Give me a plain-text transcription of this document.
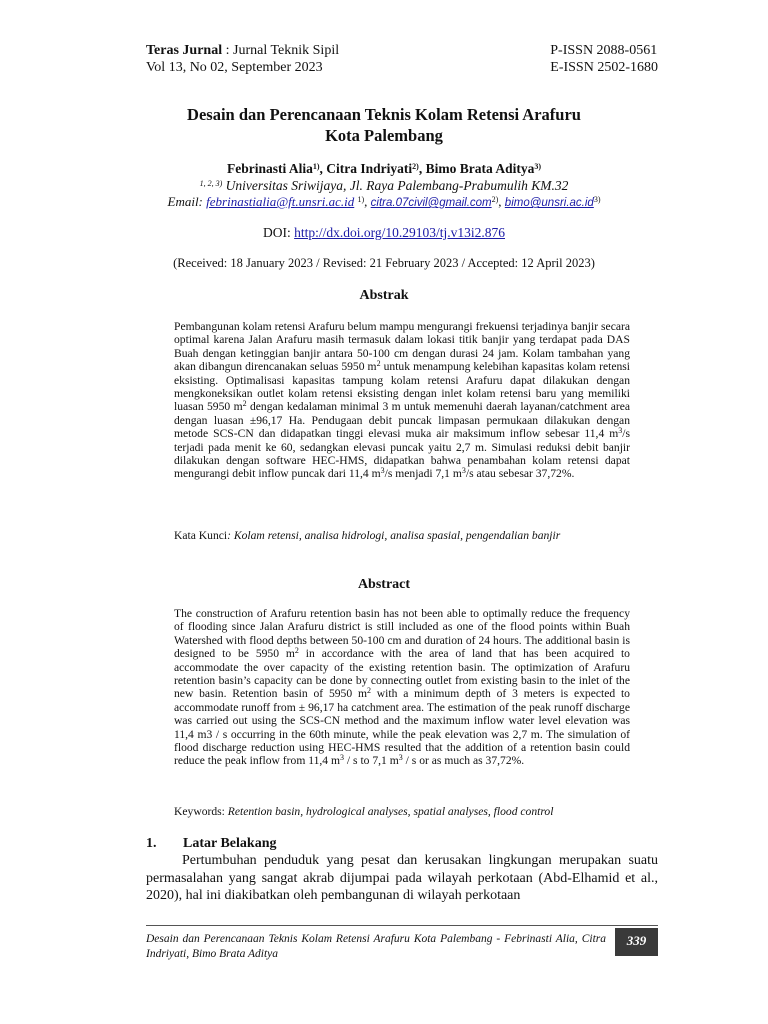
Teras Jurnal : Jurnal Teknik Sipil
Vol 13, No 02, September 2023
P-ISSN 2088-0561
E-ISSN 2502-1680
Desain dan Perencanaan Teknis Kolam Retensi Arafuru
Kota Palembang
Febrinasti Alia$^{1)}$, Citra Indriyati$^{2)}$, Bimo Brata Aditya$^{3)}$
$^{1, 2, 3)}$ Universitas Sriwijaya, Jl. Raya Palembang-Prabumulih KM.32
Email: febrinastialia@ft.unsri.ac.id $^{1)}$, citra.07civil@gmail.com$^{2)}$, $bimo@unsri.ac.id^{3)}$
DOI: http://dx.doi.org/10.29103/tj.v13i2.876
(Received: 18 January 2023 / Revised: 21 February 2023 / Accepted: 12 April 2023)
Abstrak
Pembangunan kolam retensi Arafuru belum mampu mengurangi frekuensi terjadinya banjir secara optimal karena Jalan Arafuru masih termasuk dalam lokasi titik banjir yang terdapat pada DAS Buah dengan ketinggian banjir antara 50-100 cm dengan durasi 24 jam. Kolam tambahan yang akan dibangun direncanakan seluas 5950 $m^2$ untuk menampung kelebihan kapasitas kolam retensi eksisting. Optimalisasi kapasitas tampung kolam retensi Arafuru dapat dilakukan dengan mengkoneksikan outlet kolam retensi eksisting dengan inlet kolam retensi baru yang memiliki luasan 5950 $m^2$ dengan kedalaman minimal 3 m untuk memenuhi daerah layanan/catchment area dengan luasan ±96,17 Ha. Pendugaan debit puncak limpasan permukaan dilakukan dengan metode SCS-CN dan didapatkan tinggi elevasi muka air maksimum inflow sebesar 11,4 $m^3/s$ terjadi pada menit ke 60, sedangkan elevasi puncak yaitu 2,7 m. Simulasi reduksi debit banjir dilakukan dengan software HEC-HMS, didapatkan bahwa penambahan kolam retensi dapat mengurangi debit inflow puncak dari 11,4 $m^3/s$ menjadi 7,1 $m^3/s$ atau sebesar 37,72%.
Kata Kunci: Kolam retensi, analisa hidrologi, analisa spasial, pengendalian banjir
Abstract
The construction of Arafuru retention basin has not been able to optimally reduce the frequency of flooding since Jalan Arafuru district is still included as one of the flood points within Buah Watershed with flood depths between 50-100 cm and duration of 24 hours. The additional basin is designed to be 5950 $m^2$ in accordance with the area of land that has been acquired to accommodate the over capacity of the existing retention basin. The optimization of Arafuru retention basin’s capacity can be done by connecting outlet from existing basin to the inlet of the new basin. Retention basin of 5950 $m^2$ with a minimum depth of 3 meters is expected to accommodate runoff from ± 96,17 ha catchment area. The estimation of the peak runoff discharge was carried out using the SCS-CN method and the maximum inflow water level elevation was 11,4 m3 / s occurring in the 60th minute, while the peak elevation was 2,7 m. The simulation of flood discharge reduction using HEC-HMS resulted that the addition of a retention basin could reduce the peak inflow from 11,4 $m^3$ / s to 7,1 $m^3$ / s or as much as 37,72%.
Keywords: Retention basin, hydrological analyses, spatial analyses, flood control
1. Latar Belakang
Pertumbuhan penduduk yang pesat dan kerusakan lingkungan merupakan suatu permasalahan yang sangat akrab dijumpai pada wilayah perkotaan (Abd-Elhamid et al., 2020), hal ini diakibatkan oleh pembangunan di wilayah perkotaan
Desain dan Perencanaan Teknis Kolam Retensi Arafuru Kota Palembang - Febrinasti Alia, Citra Indriyati, Bimo Brata Aditya
339
